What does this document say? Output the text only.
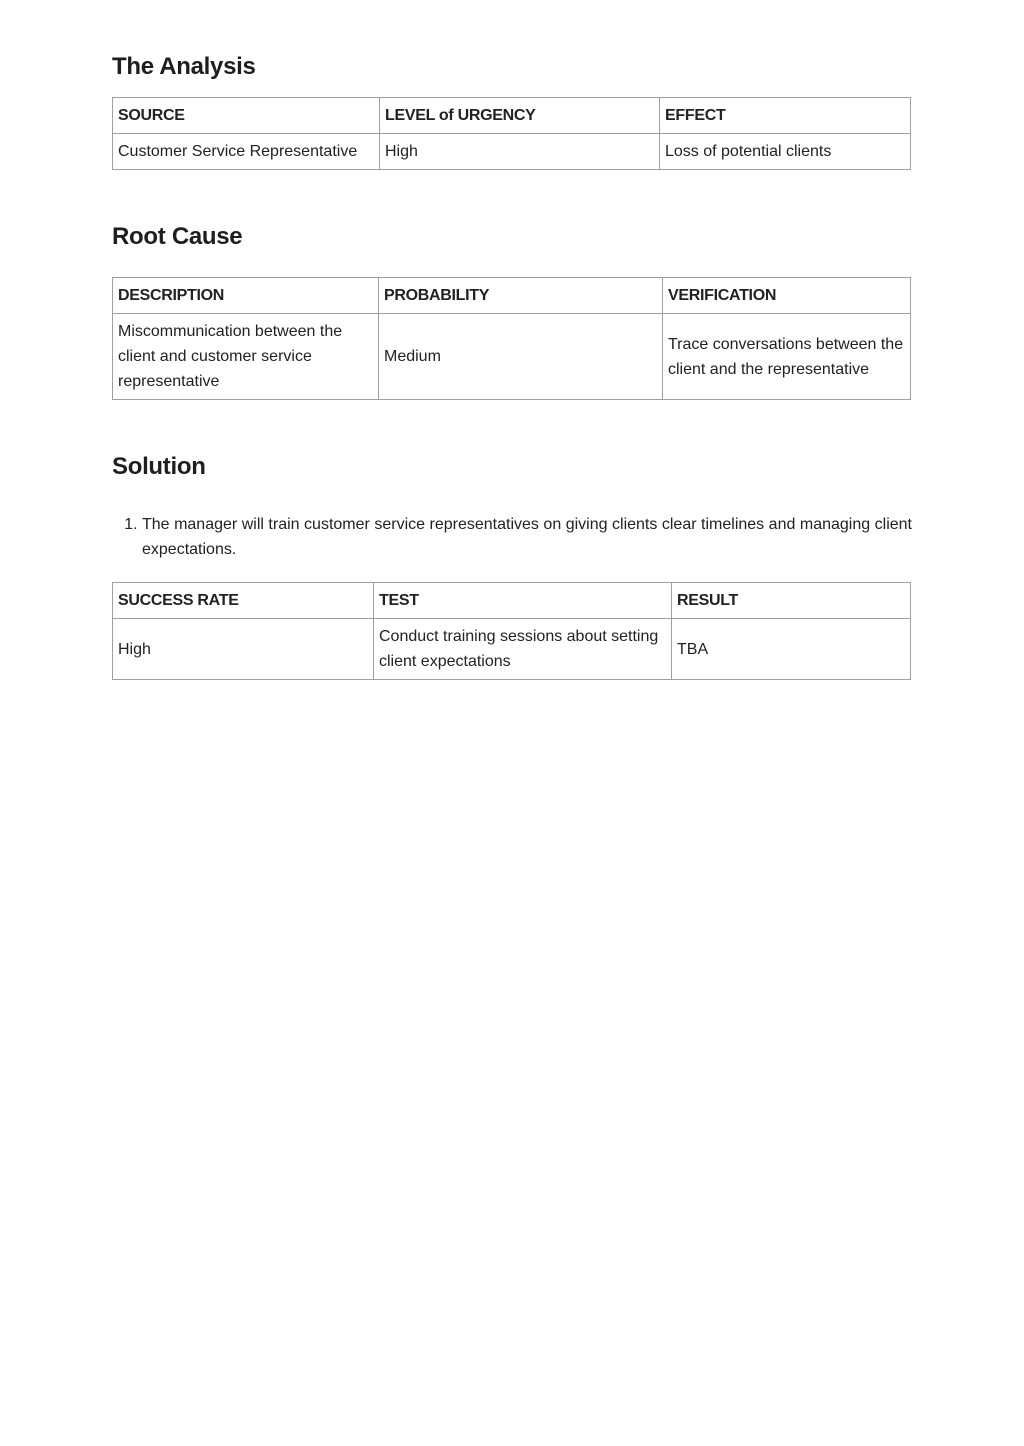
The Analysis
SOURCE	LEVEL of URGENCY	EFFECT
Customer Service Representative	High	Loss of potential clients
Root Cause
DESCRIPTION	PROBABILITY	VERIFICATION
Miscommunication between the client and customer service representative	Medium	Trace conversations between the client and the representative
Solution
1. The manager will train customer service representatives on giving clients clear timelines and managing client expectations.
SUCCESS RATE	TEST	RESULT
High	Conduct training sessions about setting client expectations	TBA
